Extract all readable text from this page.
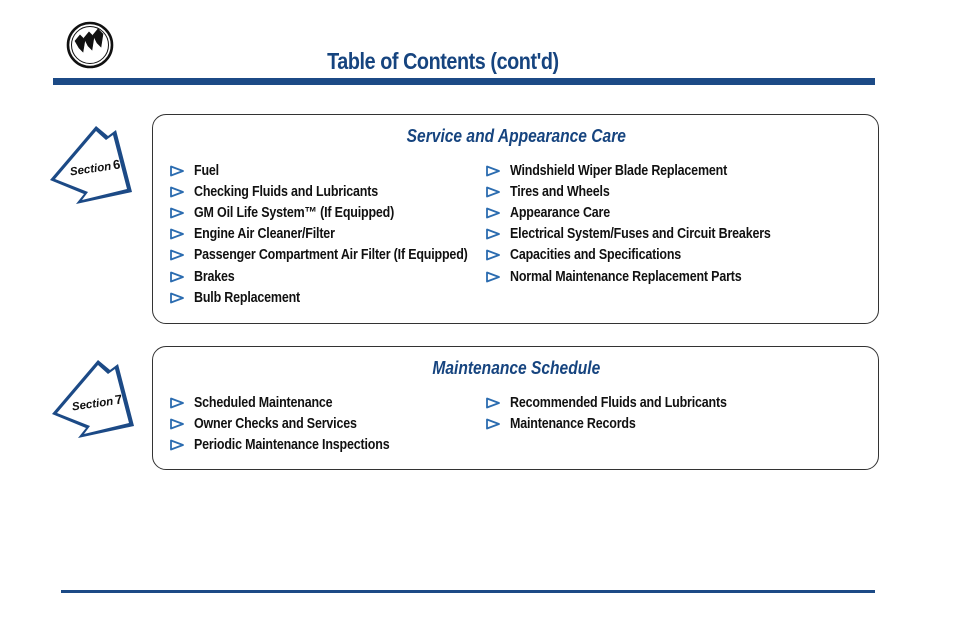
Table of Contents (cont'd)
Section6
Service and Appearance Care
Fuel
Checking Fluids and Lubricants
GM Oil Life System™ (If Equipped)
Engine Air Cleaner/Filter
Passenger Compartment Air Filter (If Equipped)
Brakes
Bulb Replacement
Windshield Wiper Blade Replacement
Tires and Wheels
Appearance Care
Electrical System/Fuses and Circuit Breakers
Capacities and Specifications
Normal Maintenance Replacement Parts
Section7
Maintenance Schedule
Scheduled Maintenance
Owner Checks and Services
Periodic Maintenance Inspections
Recommended Fluids and Lubricants
Maintenance Records
